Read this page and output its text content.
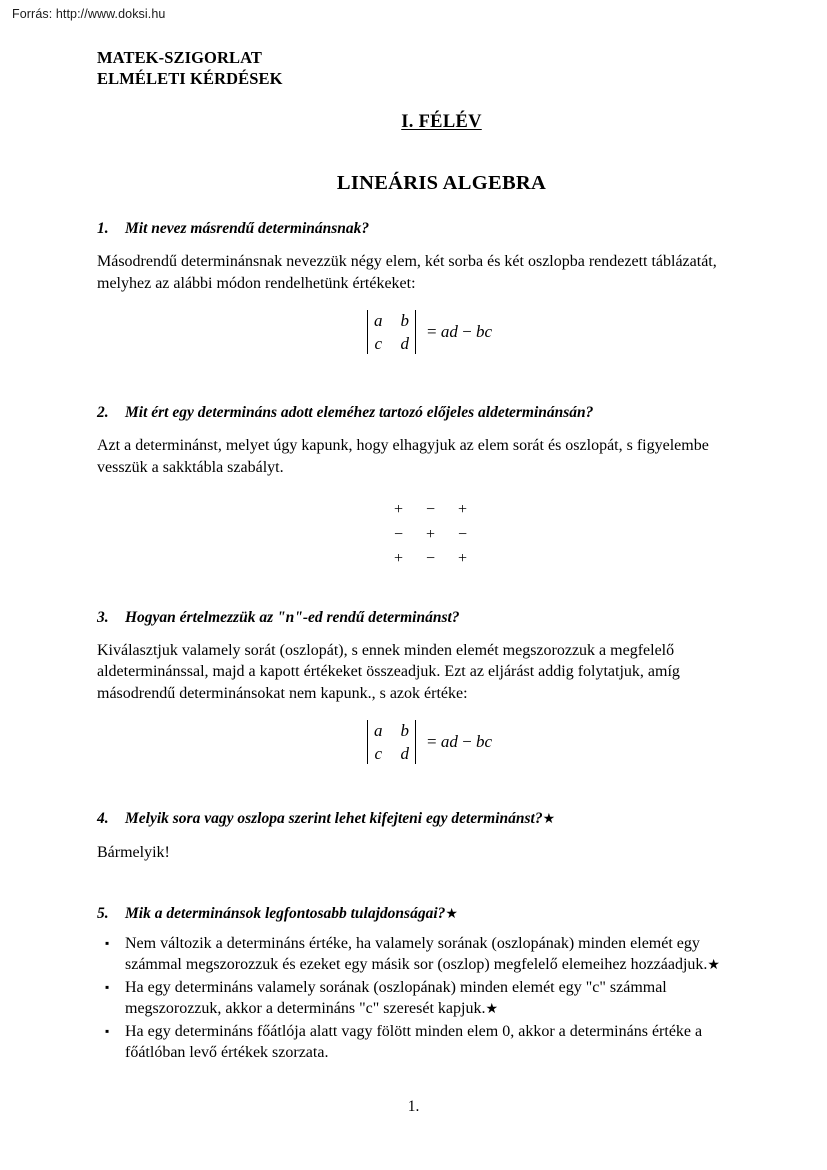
Forrás: http://www.doksi.hu
MATEK-SZIGORLAT
ELMÉLETI KÉRDÉSEK
I. FÉLÉV
LINEÁRIS ALGEBRA
1. Mit nevez másrendű determinánsnak?
Másodrendű determinánsnak nevezzük négy elem, két sorba és két oszlopba rendezett táblázatát, melyhez az alábbi módon rendelhetünk értékeket:
a b
c d
= ad − bc
2. Mit ért egy determináns adott eleméhez tartozó előjeles aldeterminánsán?
Azt a determinánst, melyet úgy kapunk, hogy elhagyjuk az elem sorát és oszlopát, s figyelembe vesszük a sakktábla szabályt.
+ − +
− + −
+ − +
3. Hogyan értelmezzük az "n"-ed rendű determinánst?
Kiválasztjuk valamely sorát (oszlopát), s ennek minden elemét megszorozzuk a megfelelő aldeterminánssal, majd a kapott értékeket összeadjuk. Ezt az eljárást addig folytatjuk, amíg másodrendű determinánsokat nem kapunk., s azok értéke:
a b
c d
= ad − bc
4. Melyik sora vagy oszlopa szerint lehet kifejteni egy determinánst?★
Bármelyik!
5. Mik a determinánsok legfontosabb tulajdonságai?★
▪ Nem változik a determináns értéke, ha valamely sorának (oszlopának) minden elemét egy számmal megszorozzuk és ezeket egy másik sor (oszlop) megfelelő elemeihez hozzáadjuk.★
▪ Ha egy determináns valamely sorának (oszlopának) minden elemét egy "c" számmal megszorozzuk, akkor a determináns "c" szeresét kapjuk.★
▪ Ha egy determináns főátlója alatt vagy fölött minden elem 0, akkor a determináns értéke a főátlóban levő értékek szorzata.
1.
